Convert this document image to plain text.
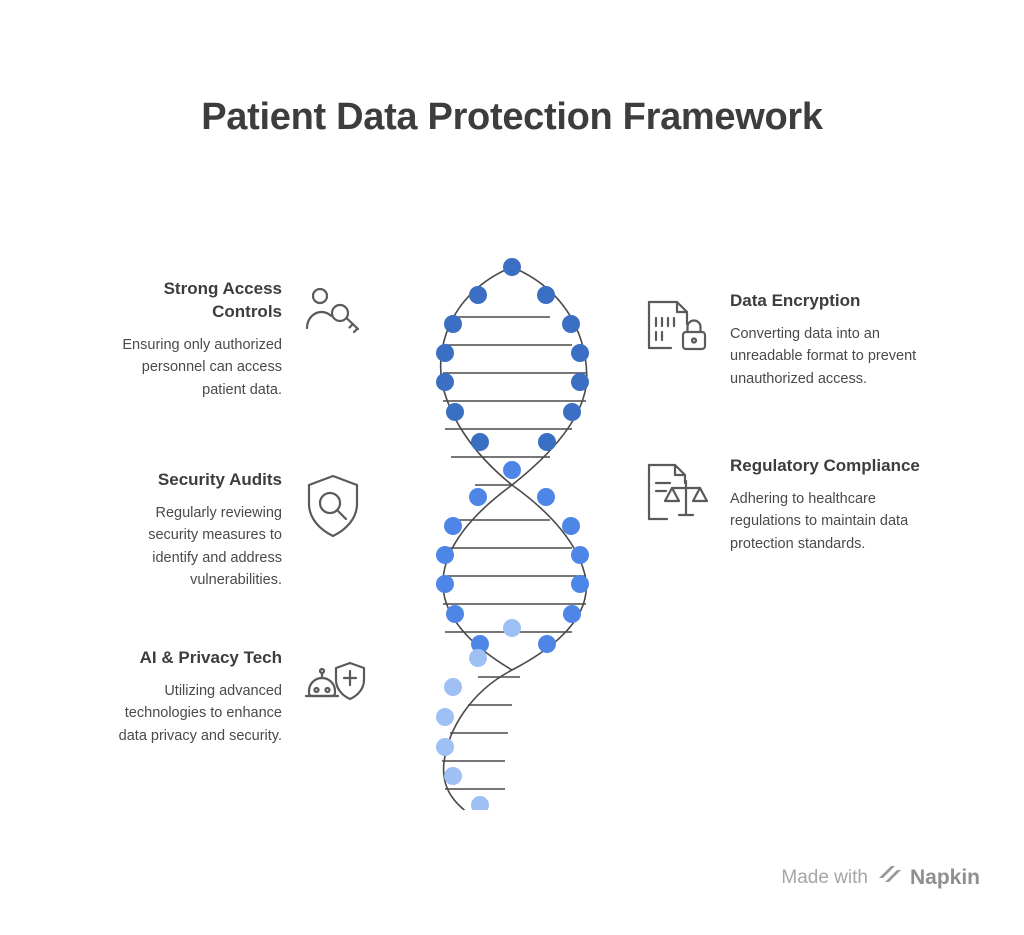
Patient Data Protection Framework
Strong Access Controls
Ensuring only authorized personnel can access patient data.
Security Audits
Regularly reviewing security measures to identify and address vulnerabilities.
AI & Privacy Tech
Utilizing advanced technologies to enhance data privacy and security.
Data Encryption
Converting data into an unreadable format to prevent unauthorized access.
Regulatory Compliance
Adhering to healthcare regulations to maintain data protection standards.
Made with Napkin
